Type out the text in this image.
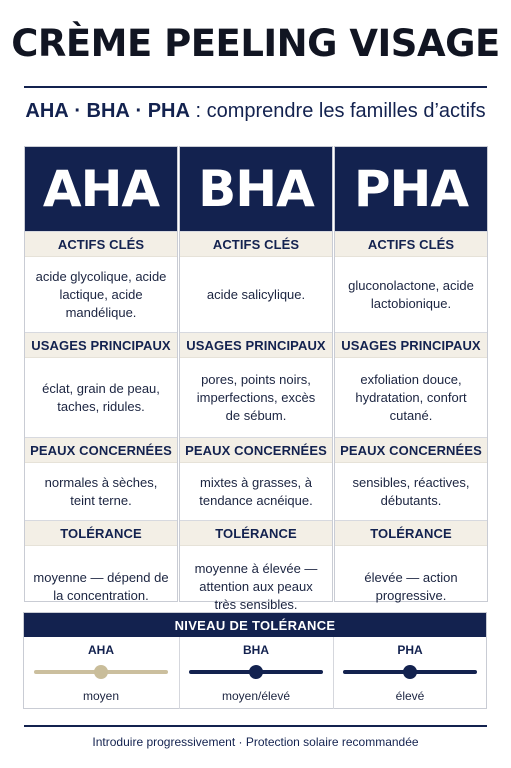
CRÈME PEELING VISAGE
AHA · BHA · PHA : comprendre les familles d’actifs
AHA
ACTIFS CLÉS
acide glycolique, acide lactique, acide mandélique.
USAGES PRINCIPAUX
éclat, grain de peau, taches, ridules.
PEAUX CONCERNÉES
normales à sèches, teint terne.
TOLÉRANCE
moyenne — dépend de la concentration.
BHA
ACTIFS CLÉS
acide salicylique.
USAGES PRINCIPAUX
pores, points noirs, imperfections, excès de sébum.
PEAUX CONCERNÉES
mixtes à grasses, à tendance acnéique.
TOLÉRANCE
moyenne à élevée — attention aux peaux très sensibles.
PHA
ACTIFS CLÉS
gluconolactone, acide lactobionique.
USAGES PRINCIPAUX
exfoliation douce, hydratation, confort cutané.
PEAUX CONCERNÉES
sensibles, réactives, débutants.
TOLÉRANCE
élevée — action progressive.
NIVEAU DE TOLÉRANCE
AHA
moyen
BHA
moyen/élevé
PHA
élevé
Introduire progressivement · Protection solaire recommandée
